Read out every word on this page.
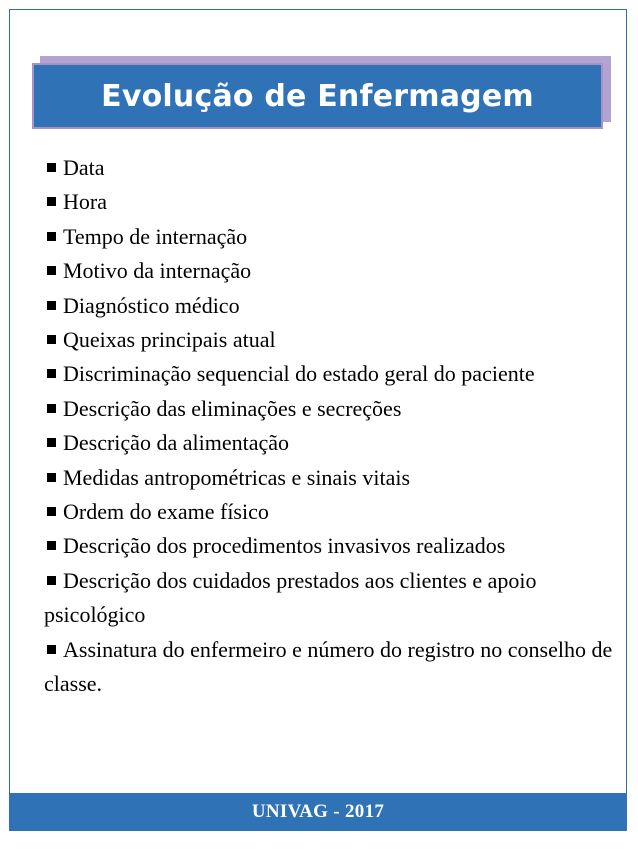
Evolução de Enfermagem
Data
Hora
Tempo de internação
Motivo da internação
Diagnóstico médico
Queixas principais atual
Discriminação sequencial do estado geral do paciente
Descrição das eliminações e secreções
Descrição da alimentação
Medidas antropométricas e sinais vitais
Ordem do exame físico
Descrição dos procedimentos invasivos realizados
Descrição dos cuidados prestados aos clientes e apoio psicológico
Assinatura do enfermeiro e número do registro no conselho de classe.
UNIVAG - 2017
